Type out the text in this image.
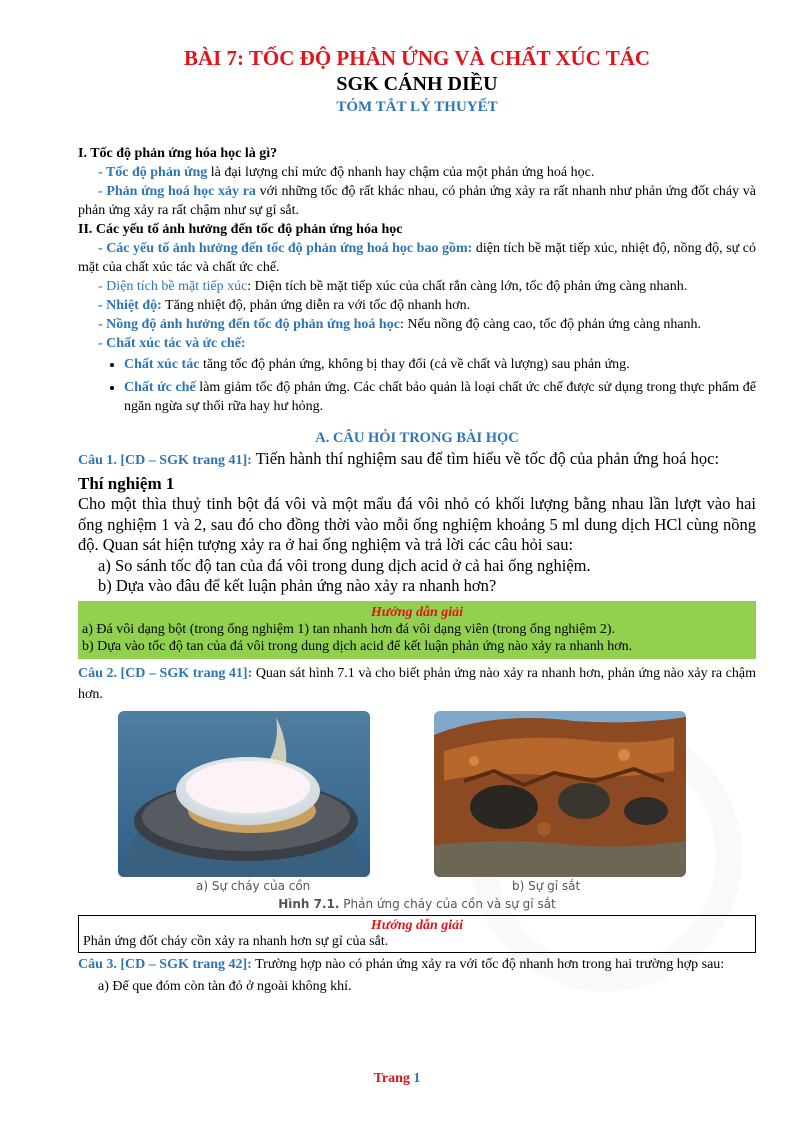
BÀI 7: TỐC ĐỘ PHẢN ỨNG VÀ CHẤT XÚC TÁC
SGK CÁNH DIỀU
TÓM TẮT LÝ THUYẾT

I. Tốc độ phản ứng hóa học là gì?

- Tốc độ phản ứng là đại lượng chỉ mức độ nhanh hay chậm của một phản ứng hoá học.

- Phản ứng hoá học xảy ra với những tốc độ rất khác nhau, có phản ứng xảy ra rất nhanh như phản ứng đốt cháy và phản ứng xảy ra rất chậm như sự gỉ sắt.

II. Các yếu tố ảnh hưởng đến tốc độ phản ứng hóa học

- Các yếu tố ảnh hưởng đến tốc độ phản ứng hoá học bao gồm: diện tích bề mặt tiếp xúc, nhiệt độ, nồng độ, sự có mặt của chất xúc tác và chất ức chế.

- Diện tích bề mặt tiếp xúc: Diện tích bề mặt tiếp xúc của chất rắn càng lớn, tốc độ phản ứng càng nhanh.

- Nhiệt độ: Tăng nhiệt độ, phản ứng diễn ra với tốc độ nhanh hơn.

- Nồng độ ảnh hưởng đến tốc độ phản ứng hoá học: Nếu nồng độ càng cao, tốc độ phản ứng càng nhanh.

- Chất xúc tác và ức chế:

• Chất xúc tác tăng tốc độ phản ứng, không bị thay đổi (cả về chất và lượng) sau phản ứng.
• Chất ức chế làm giảm tốc độ phản ứng. Các chất bảo quản là loại chất ức chế được sử dụng trong thực phẩm để ngăn ngừa sự thối rữa hay hư hỏng.
A. CÂU HỎI TRONG BÀI HỌC

Câu 1. [CD – SGK trang 41]: Tiến hành thí nghiệm sau để tìm hiểu về tốc độ của phản ứng hoá học:

Thí nghiệm 1

Cho một thìa thuỷ tinh bột đá vôi và một mẩu đá vôi nhỏ có khối lượng bằng nhau lần lượt vào hai ống nghiệm 1 và 2, sau đó cho đồng thời vào mỗi ống nghiệm khoảng 5 ml dung dịch HCl cùng nồng độ. Quan sát hiện tượng xảy ra ở hai ống nghiệm và trả lời các câu hỏi sau:

a) So sánh tốc độ tan của đá vôi trong dung dịch acid ở cả hai ống nghiệm.

b) Dựa vào đâu để kết luận phản ứng nào xảy ra nhanh hơn?

Hướng dẫn giải
a) Đá vôi dạng bột (trong ống nghiệm 1) tan nhanh hơn đá vôi dạng viên (trong ống nghiệm 2).
b) Dựa vào tốc độ tan của đá vôi trong dung dịch acid để kết luận phản ứng nào xảy ra nhanh hơn.

Câu 2. [CD – SGK trang 41]: Quan sát hình 7.1 và cho biết phản ứng nào xảy ra nhanh hơn, phản ứng nào xảy ra chậm hơn.

a) Sự cháy của cồn	b) Sự gỉ sắt
Hình 7.1. Phản ứng cháy của cồn và sự gỉ sắt
Hướng dẫn giải
Phản ứng đốt cháy cồn xảy ra nhanh hơn sự gỉ của sắt.

Câu 3. [CD – SGK trang 42]: Trường hợp nào có phản ứng xảy ra với tốc độ nhanh hơn trong hai trường hợp sau:

a) Để que đóm còn tàn đỏ ở ngoài không khí.

Trang 1
